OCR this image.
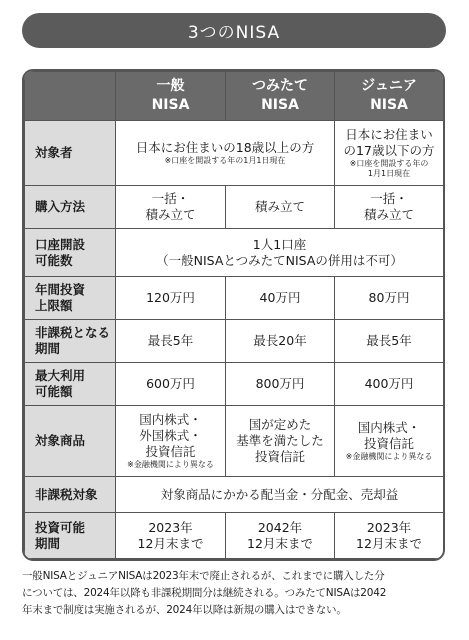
3つのNISA

	一般
NISA	つみたて
NISA	ジュニア
NISA

対象者	日本にお住まいの18歳以上の方
※口座を開設する年の1月1日現在		日本にお住まい
の17歳以下の方
※口座を開設する年の
1月1日現在

購入方法	一括・
積み立て	積み立て	一括・
積み立て

口座開設
可能数	1人1口座
（一般NISAとつみたてNISAの併用は不可）		

年間投資
上限額	120万円	40万円	80万円

非課税となる
期間	最長5年	最長20年	最長5年

最大利用
可能額	600万円	800万円	400万円
対象商品	国内株式・
外国株式・
投資信託
※金融機関により異なる	国が定めた
基準を満たした
投資信託	国内株式・
投資信託
※金融機関により異なる

非課税対象	対象商品にかかる配当金・分配金、売却益		

投資可能
期間	2023年
12月末まで	2042年
12月末まで	2023年
12月末まで
一般NISAとジュニアNISAは2023年末で廃止されるが、これまでに購入した分
については、2024年以降も非課税期間分は継続される。つみたてNISAは2042
年末まで制度は実施されるが、2024年以降は新規の購入はできない。
